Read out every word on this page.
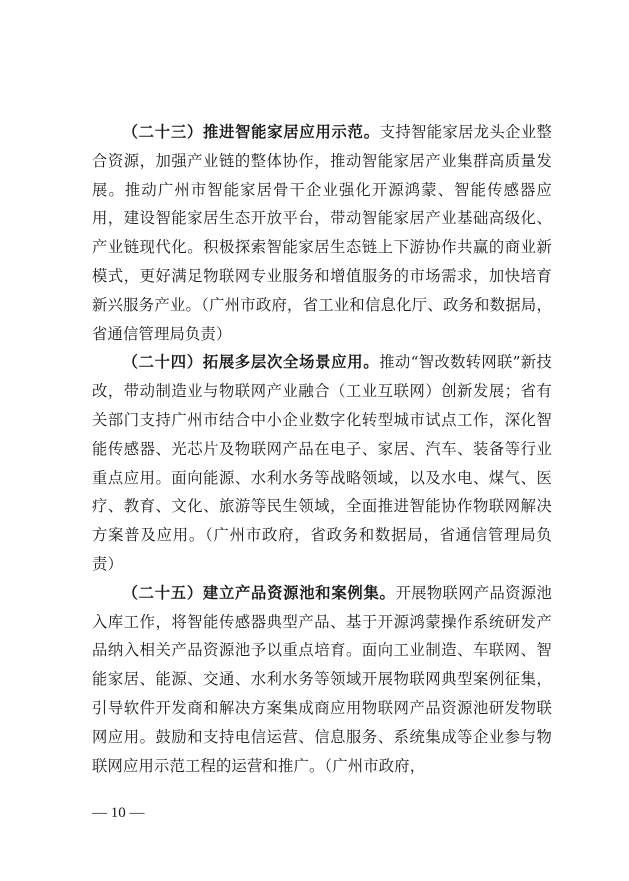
（二十三）推进智能家居应用示范。支持智能家居龙头企业整合资源，加强产业链的整体协作，推动智能家居产业集群高质量发展。推动广州市智能家居骨干企业强化开源鸿蒙、智能传感器应用，建设智能家居生态开放平台，带动智能家居产业基础高级化、产业链现代化。积极探索智能家居生态链上下游协作共赢的商业新模式，更好满足物联网专业服务和增值服务的市场需求，加快培育新兴服务产业。（广州市政府，省工业和信息化厅、政务和数据局，省通信管理局负责）

（二十四）拓展多层次全场景应用。推动“智改数转网联”新技改，带动制造业与物联网产业融合（工业互联网）创新发展；省有关部门支持广州市结合中小企业数字化转型城市试点工作，深化智能传感器、光芯片及物联网产品在电子、家居、汽车、装备等行业重点应用。面向能源、水利水务等战略领域，以及水电、煤气、医疗、教育、文化、旅游等民生领域，全面推进智能协作物联网解决方案普及应用。（广州市政府，省政务和数据局，省通信管理局负责）

（二十五）建立产品资源池和案例集。开展物联网产品资源池入库工作，将智能传感器典型产品、基于开源鸿蒙操作系统研发产品纳入相关产品资源池予以重点培育。面向工业制造、车联网、智能家居、能源、交通、水利水务等领域开展物联网典型案例征集，引导软件开发商和解决方案集成商应用物联网产品资源池研发物联网应用。鼓励和支持电信运营、信息服务、系统集成等企业参与物联网应用示范工程的运营和推广。（广州市政府，

— 10 —
